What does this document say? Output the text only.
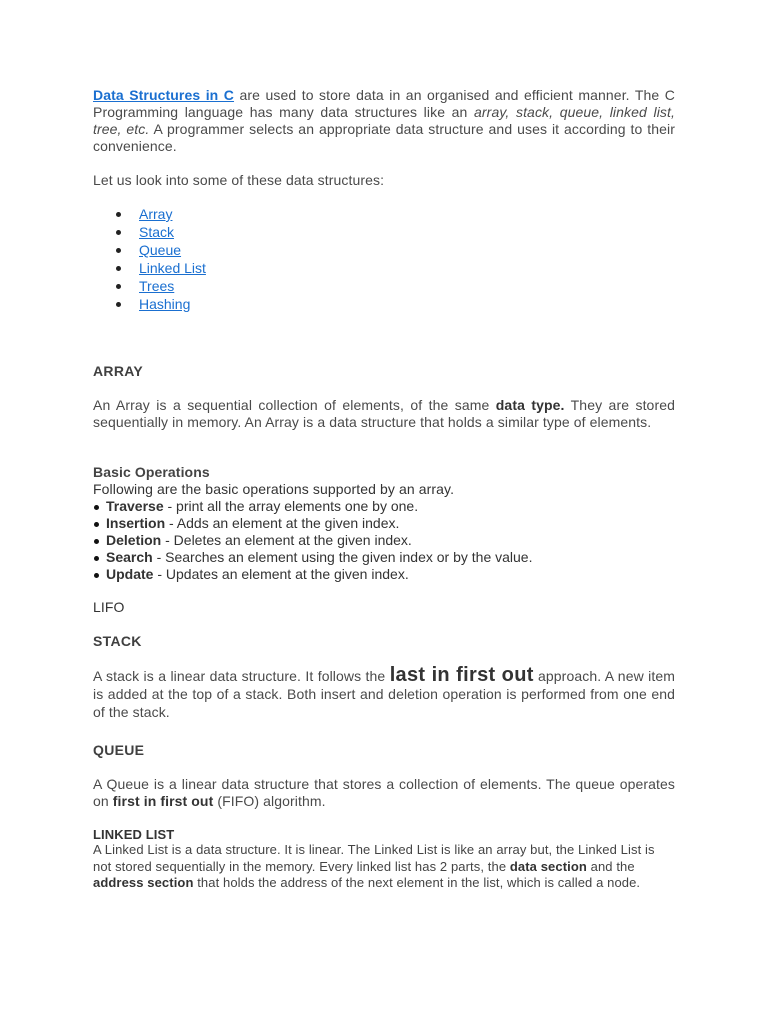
Data Structures in C are used to store data in an organised and efficient manner. The C Programming language has many data structures like an array, stack, queue, linked list, tree, etc. A programmer selects an appropriate data structure and uses it according to their convenience.
Let us look into some of these data structures:
Array
Stack
Queue
Linked List
Trees
Hashing
ARRAY
An Array is a sequential collection of elements, of the same data type. They are stored sequentially in memory. An Array is a data structure that holds a similar type of elements.
Basic Operations
Following are the basic operations supported by an array.
Traverse - print all the array elements one by one.
Insertion - Adds an element at the given index.
Deletion - Deletes an element at the given index.
Search - Searches an element using the given index or by the value.
Update - Updates an element at the given index.
LIFO
STACK
A stack is a linear data structure. It follows the last in first out approach. A new item is added at the top of a stack. Both insert and deletion operation is performed from one end of the stack.
QUEUE
A Queue is a linear data structure that stores a collection of elements. The queue operates on first in first out (FIFO) algorithm.
LINKED LIST
A Linked List is a data structure. It is linear. The Linked List is like an array but, the Linked List is not stored sequentially in the memory. Every linked list has 2 parts, the data section and the address section that holds the address of the next element in the list, which is called a node.
